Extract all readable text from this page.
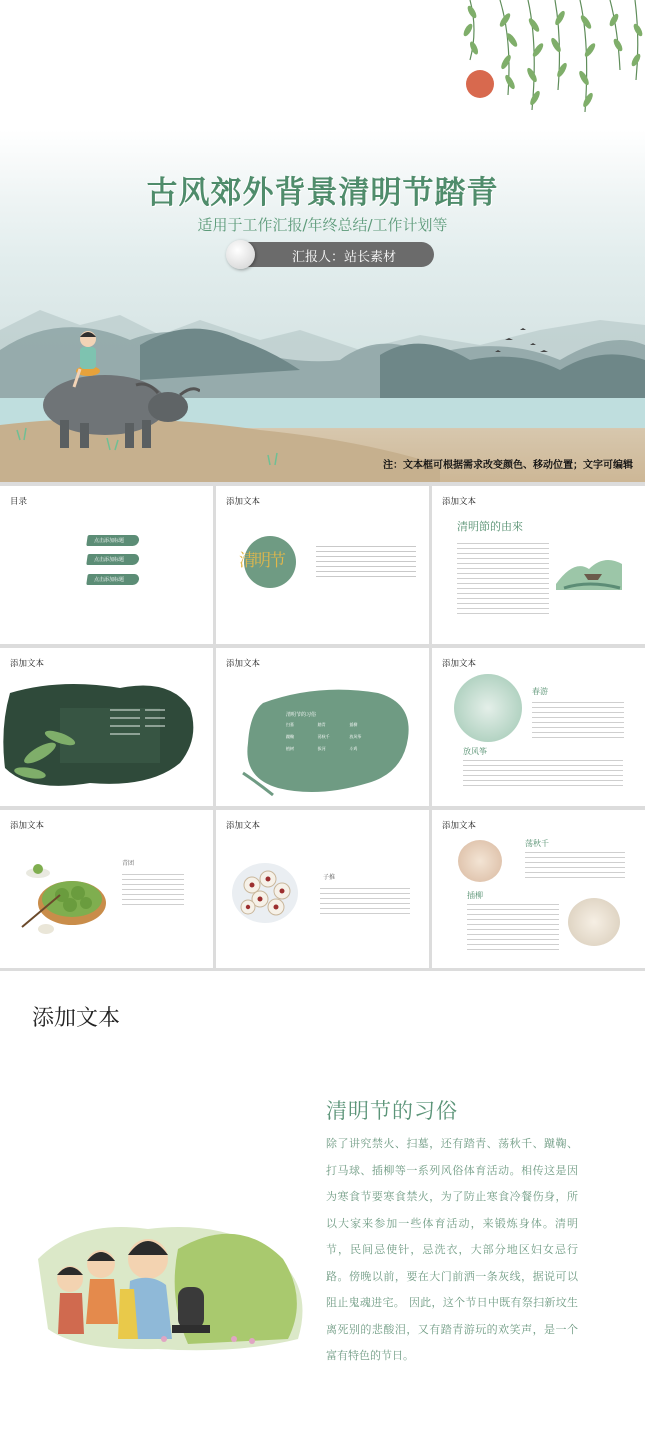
古风郊外背景清明节踏青
适用于工作汇报/年终总结/工作计划等
汇报人：站长素材
注：文本框可根据需求改变颜色、移动位置；文字可编辑
目录
点击添加标题
点击添加标题
点击添加标题
添加文本
清明节
添加文本
清明節的由來
添加文本	添加文本
清明节的习俗
扫墓	踏青	插柳
蹴鞠	荡秋千	放风筝
植树	拔河	斗鸡
添加文本
春游
放风筝
添加文本
青团
添加文本
子推
添加文本
荡秋千
插柳
添加文本
清明节的习俗
除了讲究禁火、扫墓，还有踏青、荡秋千、蹴鞠、打马球、插柳等一系列风俗体育活动。相传这是因为寒食节要寒食禁火，为了防止寒食冷餐伤身，所以大家来参加一些体育活动，来锻炼身体。清明节，民间忌使针，忌洗衣，大部分地区妇女忌行路。傍晚以前，要在大门前洒一条灰线，据说可以阻止鬼魂进宅。 因此，这个节日中既有祭扫新坟生离死别的悲酸泪，又有踏青游玩的欢笑声，是一个富有特色的节日。
